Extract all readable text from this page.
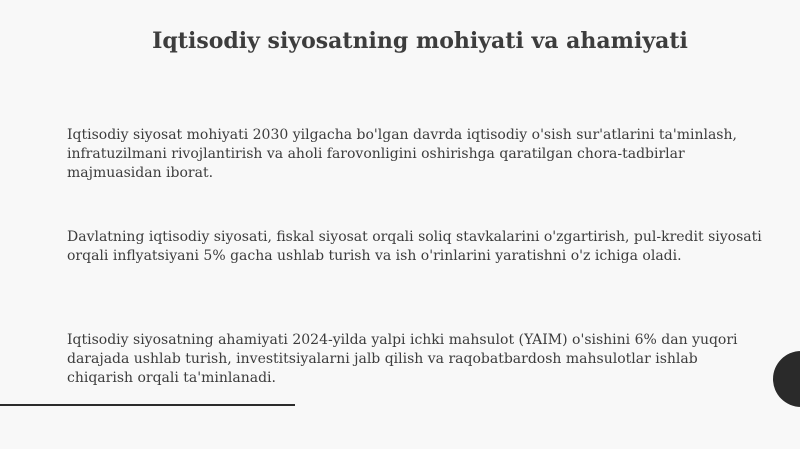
Iqtisodiy siyosatning mohiyati va ahamiyati

Iqtisodiy siyosat mohiyati 2030 yilgacha bo'lgan davrda iqtisodiy o'sish sur'atlarini ta'minlash, infratuzilmani rivojlantirish va aholi farovonligini oshirishga qaratilgan chora-tadbirlar majmuasidan iborat.

Davlatning iqtisodiy siyosati, fiskal siyosat orqali soliq stavkalarini o'zgartirish, pul-kredit siyosati orqali inflyatsiyani 5% gacha ushlab turish va ish o'rinlarini yaratishni o'z ichiga oladi.

Iqtisodiy siyosatning ahamiyati 2024-yilda yalpi ichki mahsulot (YAIM) o'sishini 6% dan yuqori darajada ushlab turish, investitsiyalarni jalb qilish va raqobatbardosh mahsulotlar ishlab chiqarish orqali ta'minlanadi.
